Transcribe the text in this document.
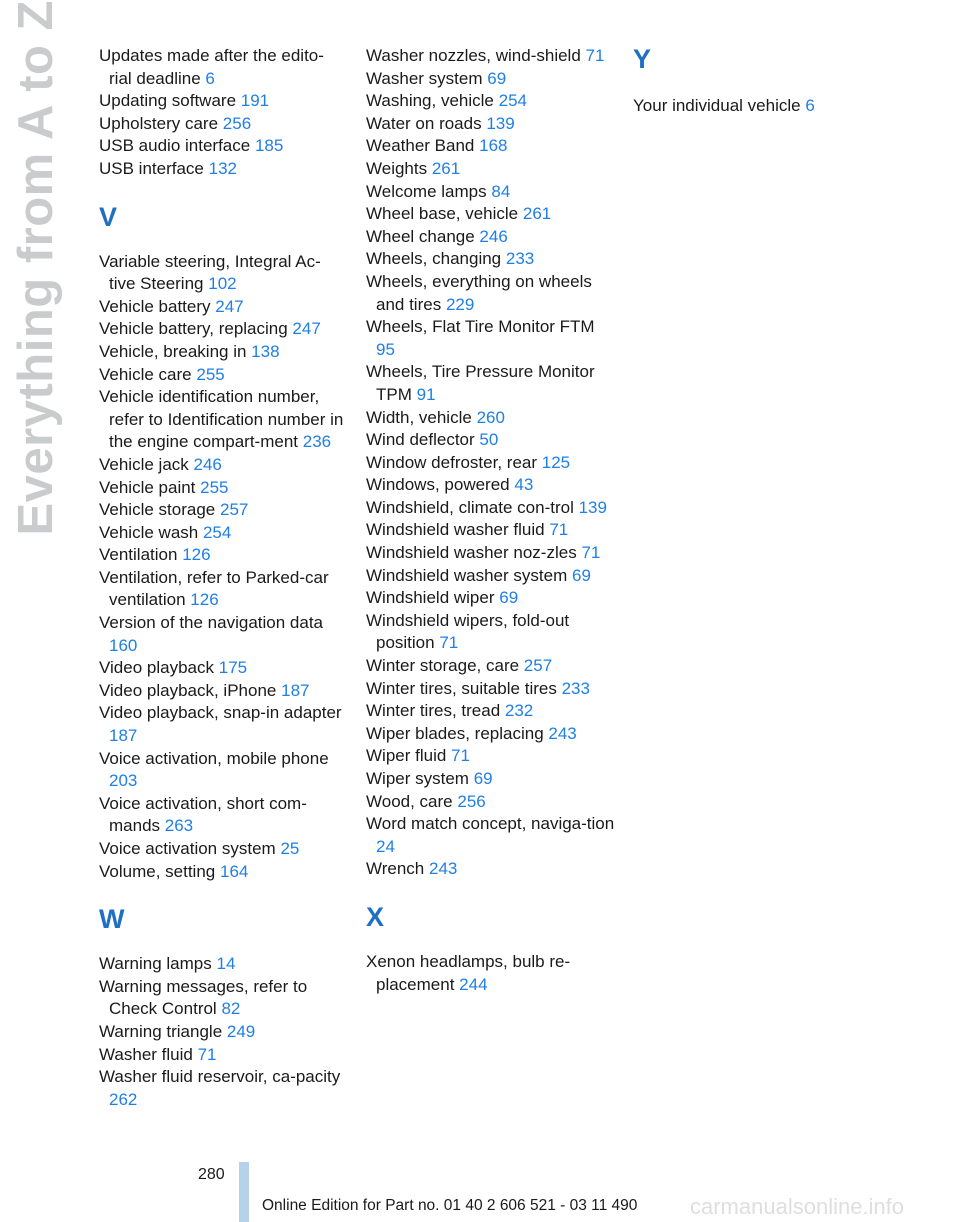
Everything from A to Z Updates made after the edito-rial deadline 6

Updating software 191

Upholstery care 256

USB audio interface 185

USB interface 132

V

Variable steering, Integral Ac-tive Steering 102

Vehicle battery 247

Vehicle battery, replacing 247

Vehicle, breaking in 138

Vehicle care 255

Vehicle identification number, refer to Identification number in the engine compart-ment 236

Vehicle jack 246

Vehicle paint 255

Vehicle storage 257

Vehicle wash 254

Ventilation 126

Ventilation, refer to Parked-car ventilation 126

Version of the navigation data 160

Video playback 175

Video playback, iPhone 187

Video playback, snap-in adapter 187

Voice activation, mobile phone 203

Voice activation, short com-mands 263

Voice activation system 25

Volume, setting 164

W

Warning lamps 14

Warning messages, refer to Check Control 82

Warning triangle 249

Washer fluid 71

Washer fluid reservoir, ca-pacity 262

Washer nozzles, wind-shield 71

Washer system 69

Washing, vehicle 254

Water on roads 139

Weather Band 168

Weights 261

Welcome lamps 84

Wheel base, vehicle 261

Wheel change 246

Wheels, changing 233

Wheels, everything on wheels and tires 229

Wheels, Flat Tire Monitor FTM 95

Wheels, Tire Pressure Monitor TPM 91

Width, vehicle 260

Wind deflector 50

Window defroster, rear 125

Windows, powered 43

Windshield, climate con-trol 139

Windshield washer fluid 71

Windshield washer noz-zles 71

Windshield washer system 69

Windshield wiper 69

Windshield wipers, fold-out position 71

Winter storage, care 257

Winter tires, suitable tires 233

Winter tires, tread 232

Wiper blades, replacing 243

Wiper fluid 71

Wiper system 69

Wood, care 256

Word match concept, naviga-tion 24

Wrench 243

X

Xenon headlamps, bulb re-placement 244

Y

Your individual vehicle 6

280
Online Edition for Part no. 01 40 2 606 521 - 03 11 490 carmanualsonline.info
